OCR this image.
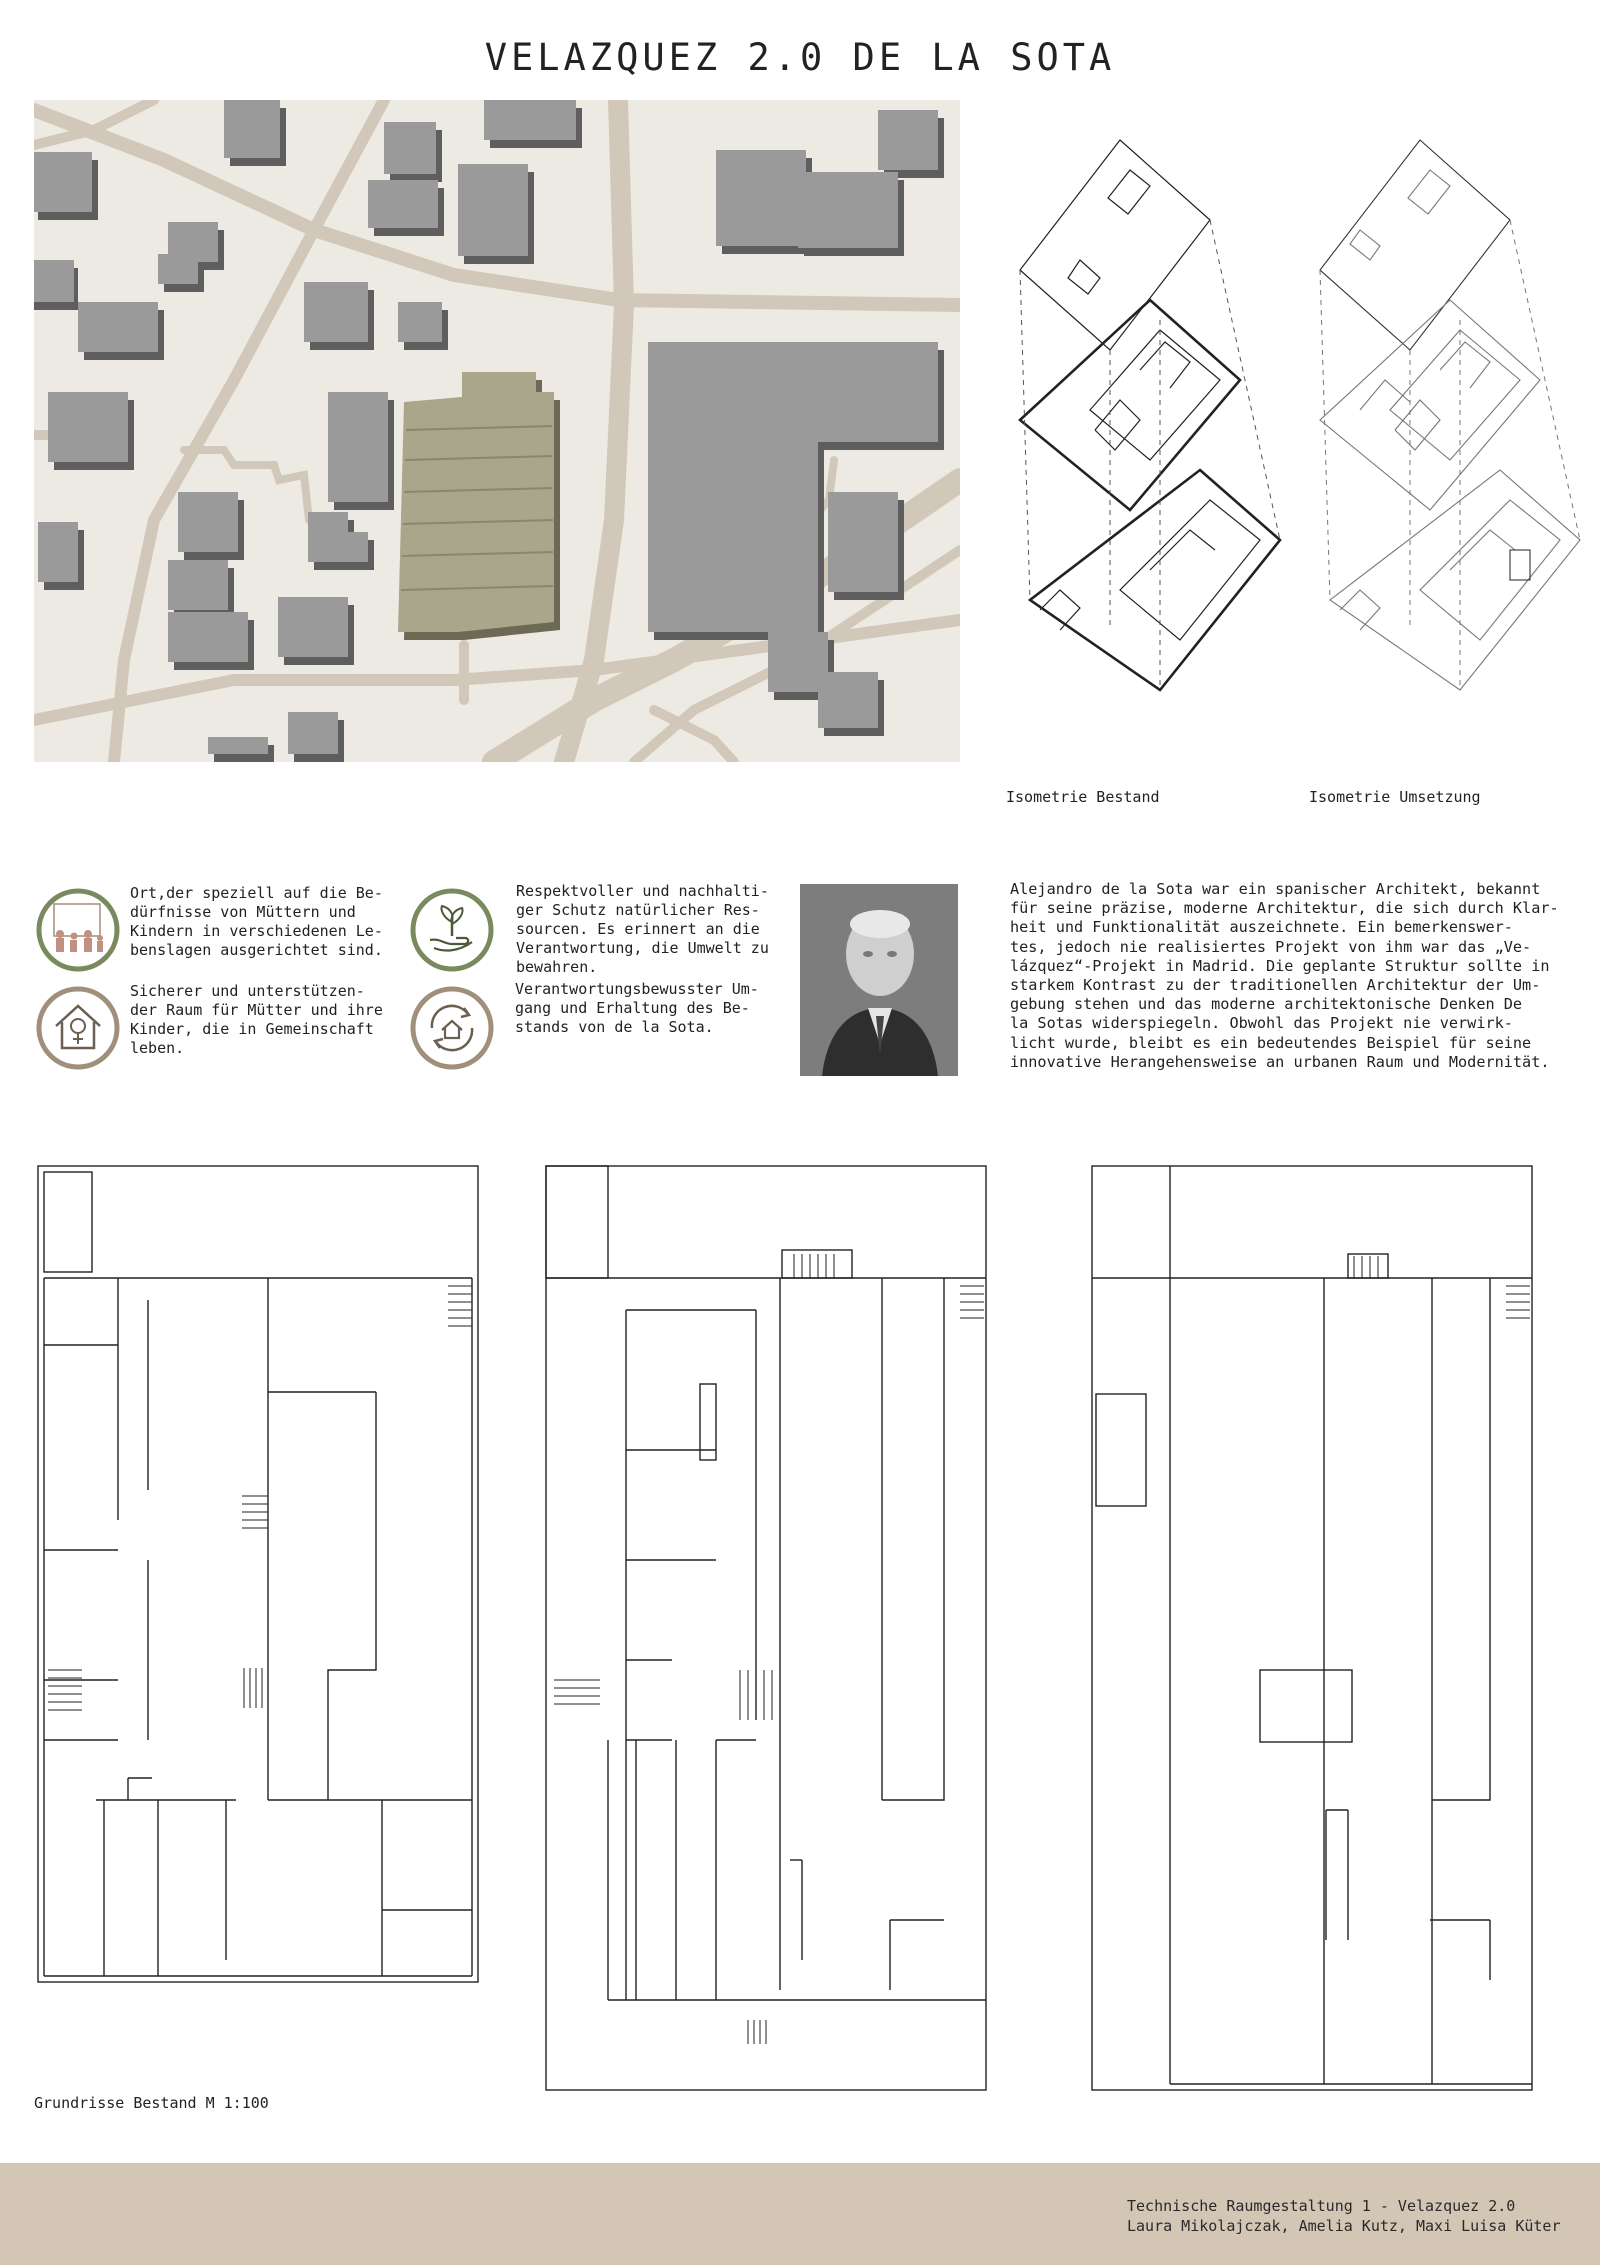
VELAZQUEZ 2.0 DE LA SOTA
Isometrie Bestand	Isometrie Umsetzung
Ort,der speziell auf die Be-
dürfnisse von Müttern und
Kindern in verschiedenen Le-
benslagen ausgerichtet sind.
Sicherer und unterstützen-
der Raum für Mütter und ihre
Kinder, die in Gemeinschaft
leben.
Respektvoller und nachhalti-
ger Schutz natürlicher Res-
sourcen. Es erinnert an die
Verantwortung, die Umwelt zu
bewahren.
Verantwortungsbewusster Um-
gang und Erhaltung des Be-
stands von de la Sota.
Alejandro de la Sota war ein spanischer Architekt, bekannt
für seine präzise, moderne Architektur, die sich durch Klar-
heit und Funktionalität auszeichnete. Ein bemerkenswer-
tes, jedoch nie realisiertes Projekt von ihm war das „Ve-
lázquez“-Projekt in Madrid. Die geplante Struktur sollte in
starkem Kontrast zu der traditionellen Architektur der Um-
gebung stehen und das moderne architektonische Denken De
la Sotas widerspiegeln. Obwohl das Projekt nie verwirk-
licht wurde, bleibt es ein bedeutendes Beispiel für seine
innovative Herangehensweise an urbanen Raum und Modernität.
Grundrisse Bestand M 1:100
Technische Raumgestaltung 1 - Velazquez 2.0
Laura Mikolajczak, Amelia Kutz, Maxi Luisa Küter
